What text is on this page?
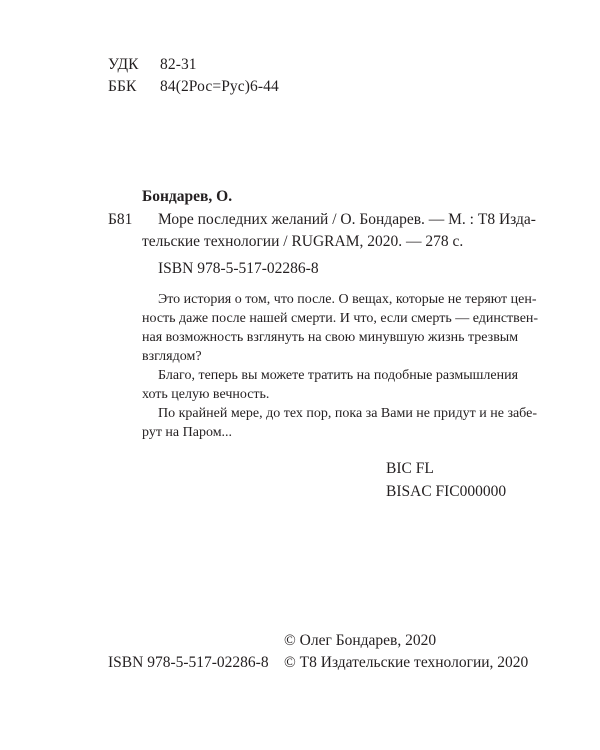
УДК 82-31
ББК 84(2Рос=Рус)6-44
Бондарев, О.
Б81 Море последних желаний / О. Бондарев. — М. : Т8 Изда-
тельские технологии / RUGRAM, 2020. — 278 с.
ISBN 978-5-517-02286-8
Это история о том, что после. О вещах, которые не теряют цен-
ность даже после нашей смерти. И что, если смерть — единствен-
ная возможность взглянуть на свою минувшую жизнь трезвым
взглядом?
Благо, теперь вы можете тратить на подобные размышления
хоть целую вечность.
По крайней мере, до тех пор, пока за Вами не придут и не забе-
рут на Паром...
BIC FL
BISAC FIC000000
© Олег Бондарев, 2020
ISBN 978-5-517-02286-8 © Т8 Издательские технологии, 2020
